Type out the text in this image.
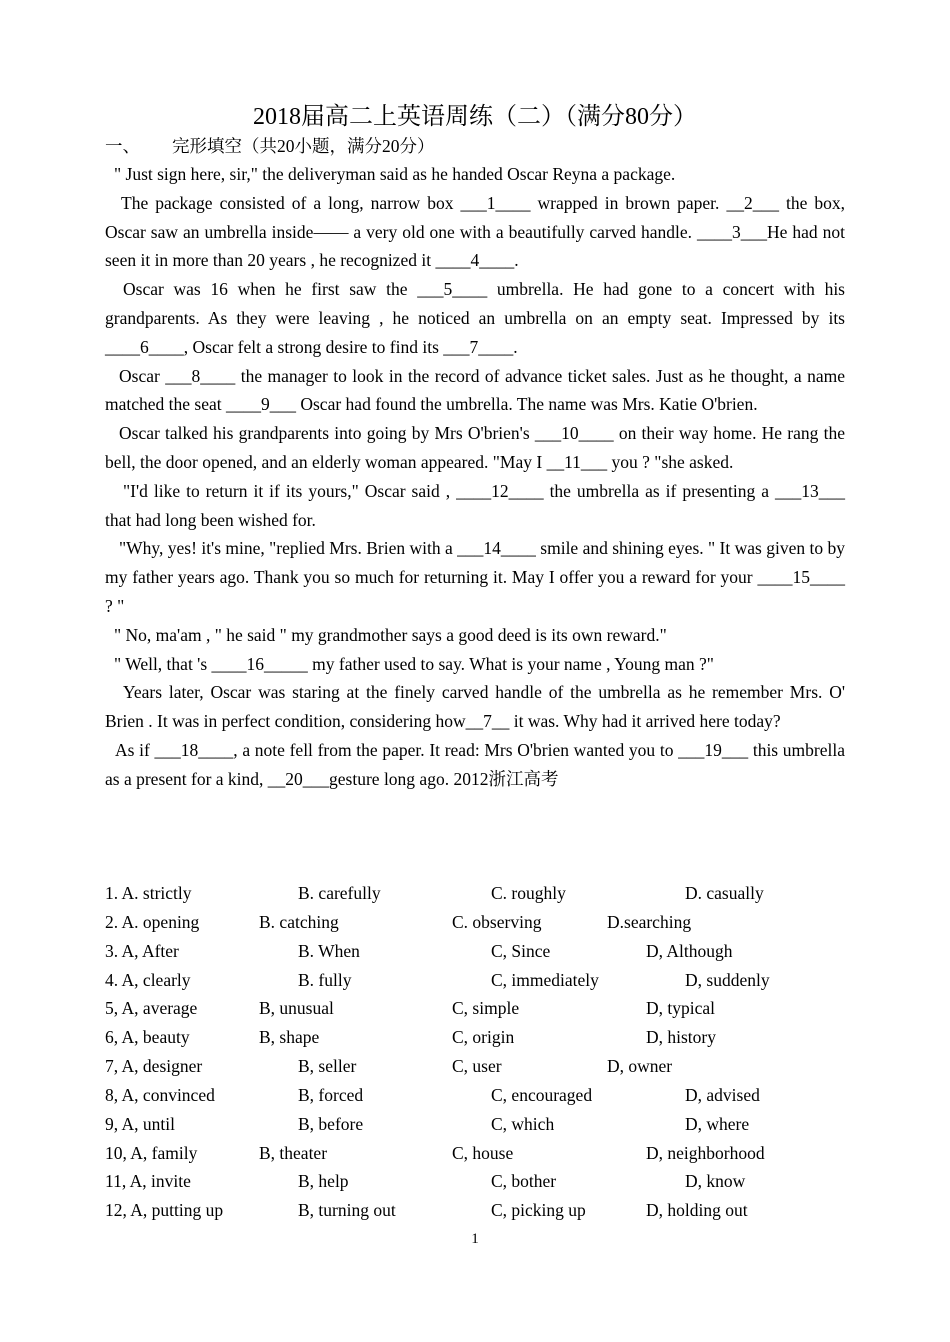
2018届高二上英语周练（二）（满分80分）
一、 完形填空（共20小题，满分20分）

" Just sign here, sir," the deliveryman said as he handed Oscar Reyna a package.

The package consisted of a long, narrow box ___1____ wrapped in brown paper. __2___ the box, Oscar saw an umbrella inside—— a very old one with a beautifully carved handle. ____3___He had not seen it in more than 20 years , he recognized it ____4____.

Oscar was 16 when he first saw the ___5____ umbrella. He had gone to a concert with his grandparents. As they were leaving , he noticed an umbrella on an empty seat. Impressed by its ____6____, Oscar felt a strong desire to find its ___7____.

Oscar ___8____ the manager to look in the record of advance ticket sales. Just as he thought, a name matched the seat ____9___ Oscar had found the umbrella. The name was Mrs. Katie O'brien.

Oscar talked his grandparents into going by Mrs O'brien's ___10____ on their way home. He rang the bell, the door opened, and an elderly woman appeared. "May I __11___ you ? "she asked.

"I'd like to return it if its yours," Oscar said , ____12____ the umbrella as if presenting a ___13___ that had long been wished for.

"Why, yes! it's mine, "replied Mrs. Brien with a ___14____ smile and shining eyes. " It was given to by my father years ago. Thank you so much for returning it. May I offer you a reward for your ____15____ ? "

" No, ma'am , " he said " my grandmother says a good deed is its own reward."

" Well, that 's ____16_____ my father used to say. What is your name , Young man ?"

Years later, Oscar was staring at the finely carved handle of the umbrella as he remember Mrs. O' Brien . It was in perfect condition, considering how__7__ it was. Why had it arrived here today?

As if ___18____, a note fell from the paper. It read: Mrs O'brien wanted you to ___19___ this umbrella as a present for a kind, __20___gesture long ago. 2012浙江高考

1. A. strictly	B. carefully	C. roughly	D. casually
2. A. opening	B. catching	C. observing	D.searching
3. A, After	B. When	C, Since	D, Although
4. A, clearly	B. fully	C, immediately	D, suddenly
5, A, average	B, unusual	C, simple	D, typical
6, A, beauty	B, shape	C, origin	D, history
7, A, designer	B, seller	C, user	D, owner
8, A, convinced	B, forced	C, encouraged	D, advised
9, A, until	B, before	C, which	D, where
10, A, family	B, theater	C, house	D, neighborhood
11, A, invite	B, help	C, bother	D, know
12, A, putting up	B, turning out	C, picking up	D, holding out
1
